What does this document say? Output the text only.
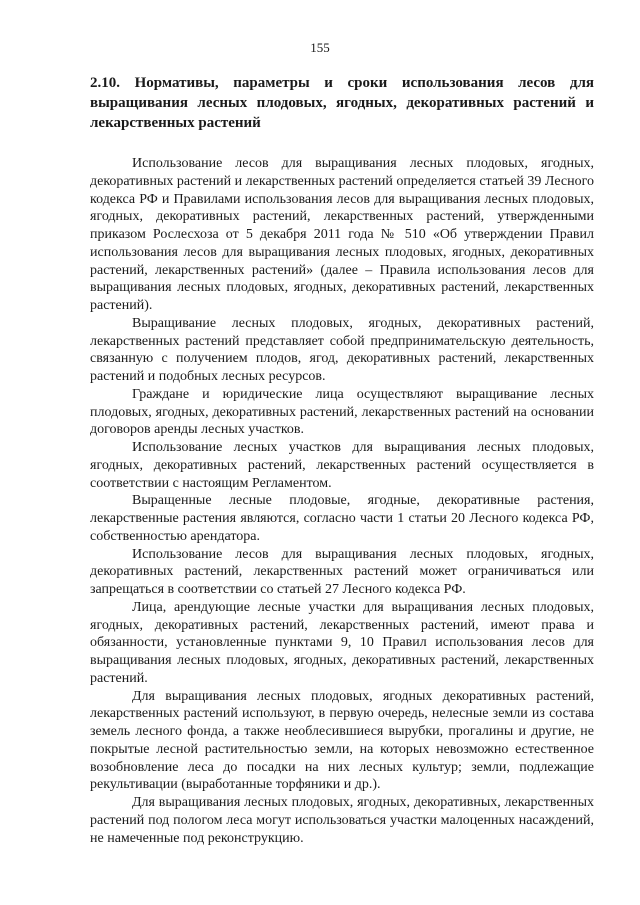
155
2.10. Нормативы, параметры и сроки использования лесов для выращивания лесных плодовых, ягодных, декоративных растений и лекарственных растений

Использование лесов для выращивания лесных плодовых, ягодных, декоративных растений и лекарственных растений определяется статьей 39 Лесного кодекса РФ и Правилами использования лесов для выращивания лесных плодовых, ягодных, декоративных растений, лекарственных растений, утвержденными приказом Рослесхоза от 5 декабря 2011 года № 510 «Об утверждении Правил использования лесов для выращивания лесных плодовых, ягодных, декоративных растений, лекарственных растений» (далее – Правила использования лесов для выращивания лесных плодовых, ягодных, декоративных растений, лекарственных растений).

Выращивание лесных плодовых, ягодных, декоративных растений, лекарственных растений представляет собой предпринимательскую деятельность, связанную с получением плодов, ягод, декоративных растений, лекарственных растений и подобных лесных ресурсов.

Граждане и юридические лица осуществляют выращивание лесных плодовых, ягодных, декоративных растений, лекарственных растений на основании договоров аренды лесных участков.

Использование лесных участков для выращивания лесных плодовых, ягодных, декоративных растений, лекарственных растений осуществляется в соответствии с настоящим Регламентом.

Выращенные лесные плодовые, ягодные, декоративные растения, лекарственные растения являются, согласно части 1 статьи 20 Лесного кодекса РФ, собственностью арендатора.

Использование лесов для выращивания лесных плодовых, ягодных, декоративных растений, лекарственных растений может ограничиваться или запрещаться в соответствии со статьей 27 Лесного кодекса РФ.

Лица, арендующие лесные участки для выращивания лесных плодовых, ягодных, декоративных растений, лекарственных растений, имеют права и обязанности, установленные пунктами 9, 10 Правил использования лесов для выращивания лесных плодовых, ягодных, декоративных растений, лекарственных растений.

Для выращивания лесных плодовых, ягодных декоративных растений, лекарственных растений используют, в первую очередь, нелесные земли из состава земель лесного фонда, а также необлесившиеся вырубки, прогалины и другие, не покрытые лесной растительностью земли, на которых невозможно естественное возобновление леса до посадки на них лесных культур; земли, подлежащие рекультивации (выработанные торфяники и др.).

Для выращивания лесных плодовых, ягодных, декоративных, лекарственных растений под пологом леса могут использоваться участки малоценных насаждений, не намеченные под реконструкцию.
